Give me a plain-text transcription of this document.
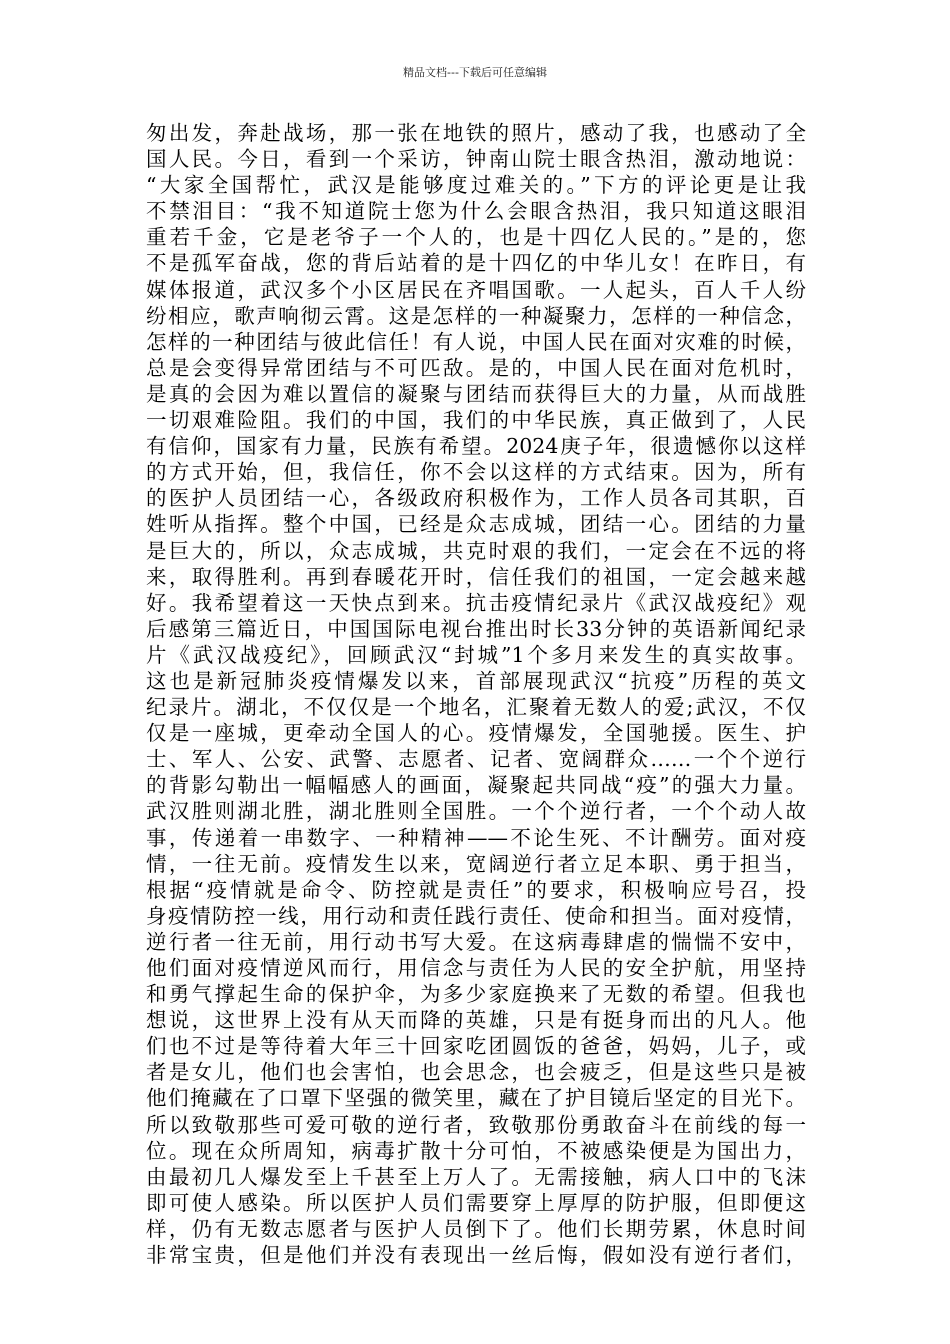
精品文档---下载后可任意编辑
匆出发，奔赴战场，那一张在地铁的照片，感动了我，也感动了全
国人民。今日，看到一个采访，钟南山院士眼含热泪，激动地说：
“大家全国帮忙，武汉是能够度过难关的。”下方的评论更是让我
不禁泪目：“我不知道院士您为什么会眼含热泪，我只知道这眼泪
重若千金，它是老爷子一个人的，也是十四亿人民的。”是的，您
不是孤军奋战，您的背后站着的是十四亿的中华儿女！在昨日，有
媒体报道，武汉多个小区居民在齐唱国歌。一人起头，百人千人纷
纷相应，歌声响彻云霄。这是怎样的一种凝聚力，怎样的一种信念，
怎样的一种团结与彼此信任！有人说，中国人民在面对灾难的时候，
总是会变得异常团结与不可匹敌。是的，中国人民在面对危机时，
是真的会因为难以置信的凝聚与团结而获得巨大的力量，从而战胜
一切艰难险阻。我们的中国，我们的中华民族，真正做到了，人民
有信仰，国家有力量，民族有希望。2024庚子年，很遗憾你以这样
的方式开始，但，我信任，你不会以这样的方式结束。因为，所有
的医护人员团结一心，各级政府积极作为，工作人员各司其职，百
姓听从指挥。整个中国，已经是众志成城，团结一心。团结的力量
是巨大的，所以，众志成城，共克时艰的我们，一定会在不远的将
来，取得胜利。再到春暖花开时，信任我们的祖国，一定会越来越
好。我希望着这一天快点到来。抗击疫情纪录片《武汉战疫纪》观
后感第三篇近日，中国国际电视台推出时长33分钟的英语新闻纪录
片《武汉战疫纪》，回顾武汉“封城”1个多月来发生的真实故事。
这也是新冠肺炎疫情爆发以来，首部展现武汉“抗疫”历程的英文
纪录片。湖北，不仅仅是一个地名，汇聚着无数人的爱;武汉，不仅
仅是一座城，更牵动全国人的心。疫情爆发，全国驰援。医生、护
士、军人、公安、武警、志愿者、记者、宽阔群众……一个个逆行
的背影勾勒出一幅幅感人的画面，凝聚起共同战“疫”的强大力量。
武汉胜则湖北胜，湖北胜则全国胜。一个个逆行者，一个个动人故
事，传递着一串数字、一种精神——不论生死、不计酬劳。面对疫
情，一往无前。疫情发生以来，宽阔逆行者立足本职、勇于担当，
根据“疫情就是命令、防控就是责任”的要求，积极响应号召，投
身疫情防控一线，用行动和责任践行责任、使命和担当。面对疫情，
逆行者一往无前，用行动书写大爱。在这病毒肆虐的惴惴不安中，
他们面对疫情逆风而行，用信念与责任为人民的安全护航，用坚持
和勇气撑起生命的保护伞，为多少家庭换来了无数的希望。但我也
想说，这世界上没有从天而降的英雄，只是有挺身而出的凡人。他
们也不过是等待着大年三十回家吃团圆饭的爸爸，妈妈，儿子，或
者是女儿，他们也会害怕，也会思念，也会疲乏，但是这些只是被
他们掩藏在了口罩下坚强的微笑里，藏在了护目镜后坚定的目光下。
所以致敬那些可爱可敬的逆行者，致敬那份勇敢奋斗在前线的每一
位。现在众所周知，病毒扩散十分可怕，不被感染便是为国出力，
由最初几人爆发至上千甚至上万人了。无需接触，病人口中的飞沫
即可使人感染。所以医护人员们需要穿上厚厚的防护服，但即便这
样，仍有无数志愿者与医护人员倒下了。他们长期劳累，休息时间
非常宝贵，但是他们并没有表现出一丝后悔，假如没有逆行者们，
